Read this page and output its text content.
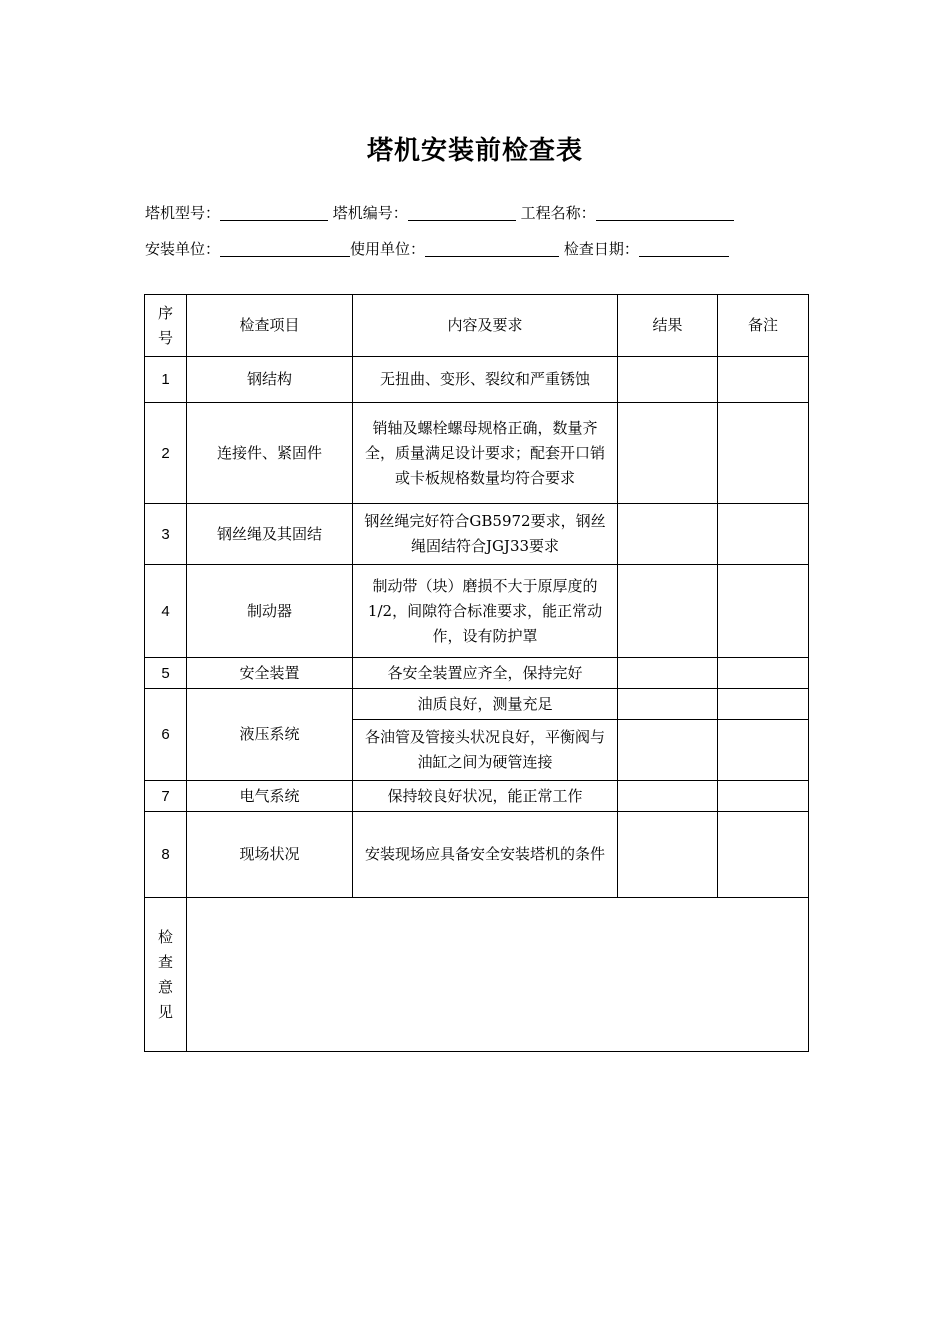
塔机安装前检查表
塔机型号：	塔机编号：	工程名称：
安装单位：	使用单位：	检查日期：
序号	检查项目	内容及要求	结果	备注
1	钢结构	无扭曲、变形、裂纹和严重锈蚀		
2	连接件、紧固件	销轴及螺栓螺母规格正确，数量齐全，质量满足设计要求；配套开口销或卡板规格数量均符合要求		
3	钢丝绳及其固结	钢丝绳完好符合GB5972要求，钢丝绳固结符合JGJ33要求		
4	制动器	制动带（块）磨损不大于原厚度的1/2，间隙符合标准要求，能正常动作，设有防护罩		
5	安全装置	各安全装置应齐全，保持完好		
6	液压系统	油质良好，测量充足		
		各油管及管接头状况良好，平衡阀与油缸之间为硬管连接		
7	电气系统	保持较良好状况，能正常工作		
8	现场状况	安装现场应具备安全安装塔机的条件		
检查意见				
